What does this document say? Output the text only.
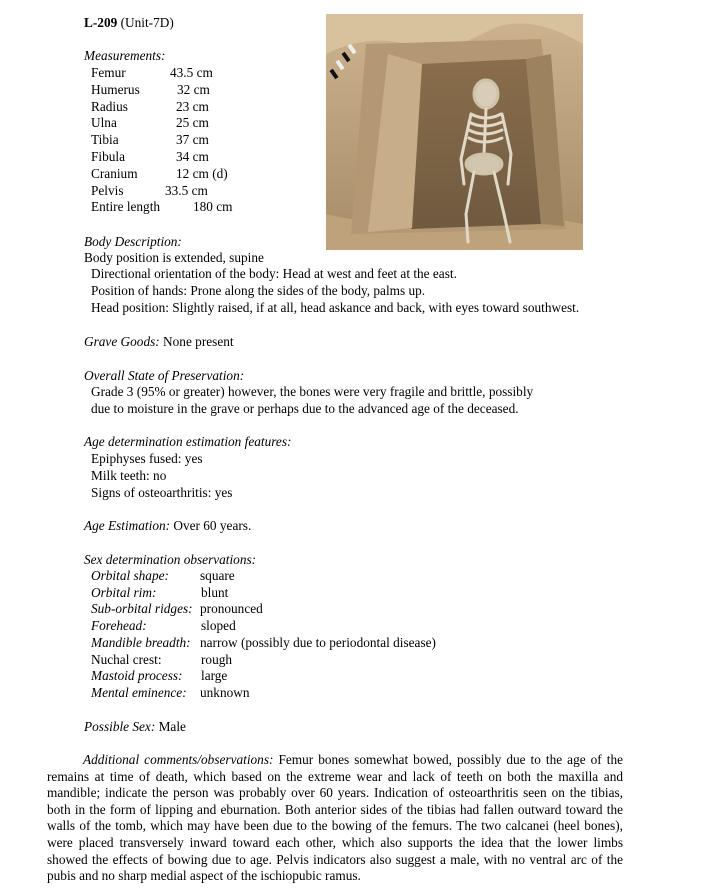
L-209 (Unit-7D)
Measurements:
Femur	43.5 cm
Humerus	32 cm
Radius	23 cm
Ulna	25 cm
Tibia	37 cm
Fibula	34 cm
Cranium	12 cm (d)
Pelvis	33.5 cm
Entire length 180 cm
Body Description:
Body position is extended, supine
Directional orientation of the body: Head at west and feet at the east.
Position of hands: Prone along the sides of the body, palms up.
Head position: Slightly raised, if at all, head askance and back, with eyes toward southwest.
Grave Goods: None present
Overall State of Preservation:
Grade 3 (95% or greater) however, the bones were very fragile and brittle, possibly
due to moisture in the grave or perhaps due to the advanced age of the deceased.
Age determination estimation features:
Epiphyses fused: yes
Milk teeth: no
Signs of osteoarthritis: yes
Age Estimation: Over 60 years.
Sex determination observations:
Orbital shape: square
Orbital rim:	blunt
Sub-orbital ridges: pronounced
Forehead:	sloped
Mandible breadth: narrow (possibly due to periodontal disease)
Nuchal crest:	rough
Mastoid process: large
Mental eminence: unknown
Possible Sex: Male
Additional comments/observations: Femur bones somewhat bowed, possibly due to the age of the remains at time of death, which based on the extreme wear and lack of teeth on both the maxilla and mandible; indicate the person was probably over 60 years. Indication of osteoarthritis seen on the tibias, both in the form of lipping and eburnation. Both anterior sides of the tibias had fallen outward toward the walls of the tomb, which may have been due to the bowing of the femurs. The two calcanei (heel bones), were placed transversely inward toward each other, which also supports the idea that the lower limbs showed the effects of bowing due to age. Pelvis indicators also suggest a male, with no ventral arc of the pubis and no sharp medial aspect of the ischiopubic ramus.
